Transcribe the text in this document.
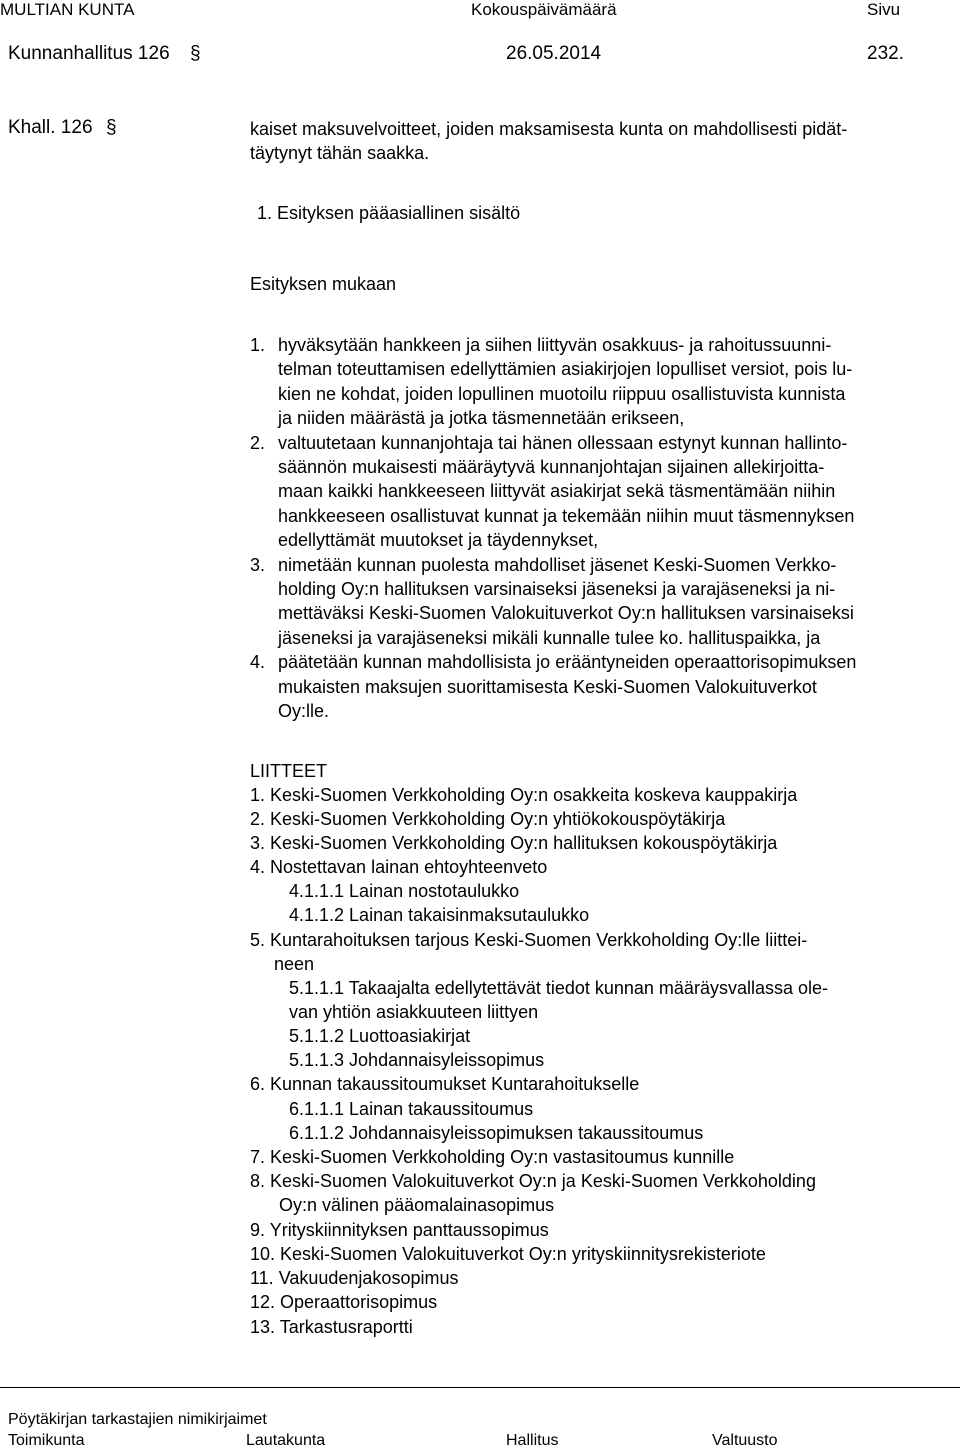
MULTIAN KUNTA	Kokouspäivämäärä	Sivu
Kunnanhallitus 126 §	26.05.2014	232.
Khall. 126 §	kaiset maksuvelvoitteet, joiden maksamisesta kunta on mahdollisesti pidät-
täytynyt tähän saakka.
1. Esityksen pääasiallinen sisältö
Esityksen mukaan
1. hyväksytään hankkeen ja siihen liittyvän osakkuus- ja rahoitussuunni-
telman toteuttamisen edellyttämien asiakirjojen lopulliset versiot, pois lu-
kien ne kohdat, joiden lopullinen muotoilu riippuu osallistuvista kunnista
ja niiden määrästä ja jotka täsmennetään erikseen,
2. valtuutetaan kunnanjohtaja tai hänen ollessaan estynyt kunnan hallinto-
säännön mukaisesti määräytyvä kunnanjohtajan sijainen allekirjoitta-
maan kaikki hankkeeseen liittyvät asiakirjat sekä täsmentämään niihin
hankkeeseen osallistuvat kunnat ja tekemään niihin muut täsmennyksen
edellyttämät muutokset ja täydennykset,
3. nimetään kunnan puolesta mahdolliset jäsenet Keski-Suomen Verkko-
holding Oy:n hallituksen varsinaiseksi jäseneksi ja varajäseneksi ja ni-
mettäväksi Keski-Suomen Valokuituverkot Oy:n hallituksen varsinaiseksi
jäseneksi ja varajäseneksi mikäli kunnalle tulee ko. hallituspaikka, ja
4. päätetään kunnan mahdollisista jo erääntyneiden operaattorisopimuksen
mukaisten maksujen suorittamisesta Keski-Suomen Valokuituverkot
Oy:lle.
LIITTEET
1. Keski-Suomen Verkkoholding Oy:n osakkeita koskeva kauppakirja
2. Keski-Suomen Verkkoholding Oy:n yhtiökokouspöytäkirja
3. Keski-Suomen Verkkoholding Oy:n hallituksen kokouspöytäkirja
4. Nostettavan lainan ehtoyhteenveto
4.1.1.1 Lainan nostotaulukko
4.1.1.2 Lainan takaisinmaksutaulukko
5. Kuntarahoituksen tarjous Keski-Suomen Verkkoholding Oy:lle liittei-
neen
5.1.1.1 Takaajalta edellytettävät tiedot kunnan määräysvallassa ole-
van yhtiön asiakkuuteen liittyen
5.1.1.2 Luottoasiakirjat
5.1.1.3 Johdannaisyleissopimus
6. Kunnan takaussitoumukset Kuntarahoitukselle
6.1.1.1 Lainan takaussitoumus
6.1.1.2 Johdannaisyleissopimuksen takaussitoumus
7. Keski-Suomen Verkkoholding Oy:n vastasitoumus kunnille
8. Keski-Suomen Valokuituverkot Oy:n ja Keski-Suomen Verkkoholding
Oy:n välinen pääomalainasopimus
9. Yrityskiinnityksen panttaussopimus
10. Keski-Suomen Valokuituverkot Oy:n yrityskiinnitysrekisteriote
11. Vakuudenjakosopimus
12. Operaattorisopimus
13. Tarkastusraportti
Pöytäkirjan tarkastajien nimikirjaimet
Toimikunta	Lautakunta	Hallitus	Valtuusto
